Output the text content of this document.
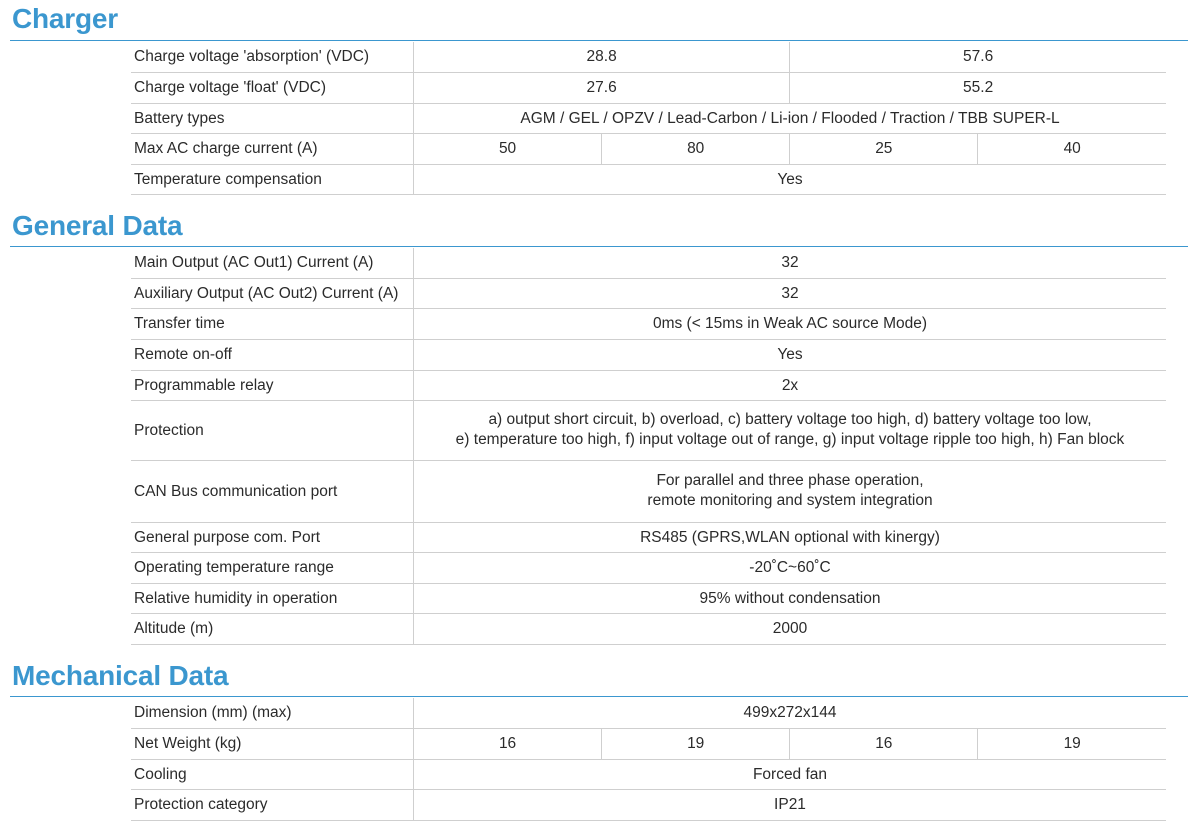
Charger
Charge voltage 'absorption' (VDC)	28.8		57.6	
Charge voltage 'float' (VDC)	27.6		55.2	
Battery types	AGM / GEL / OPZV / Lead-Carbon / Li-ion / Flooded / Traction / TBB SUPER-L			
Max AC charge current (A)	50	80	25	40
Temperature compensation	Yes			
General Data
Main Output (AC Out1) Current (A)	32
Auxiliary Output (AC Out2) Current (A)	32
Transfer time	0ms (< 15ms in Weak AC source Mode)
Remote on-off	Yes
Programmable relay	2x
Protection	a) output short circuit, b) overload, c) battery voltage too high, d) battery voltage too low,
e) temperature too high, f) input voltage out of range, g) input voltage ripple too high, h) Fan block

CAN Bus communication port	For parallel and three phase operation,
remote monitoring and system integration

General purpose com. Port	RS485 (GPRS,WLAN optional with kinergy)
Operating temperature range	-20˚C~60˚C
Relative humidity in operation	95% without condensation
Altitude (m)	2000
Mechanical Data
Dimension (mm) (max)	499x272x144			
Net Weight (kg)	16	19	16	19
Cooling	Forced fan			
Protection category	IP21			
